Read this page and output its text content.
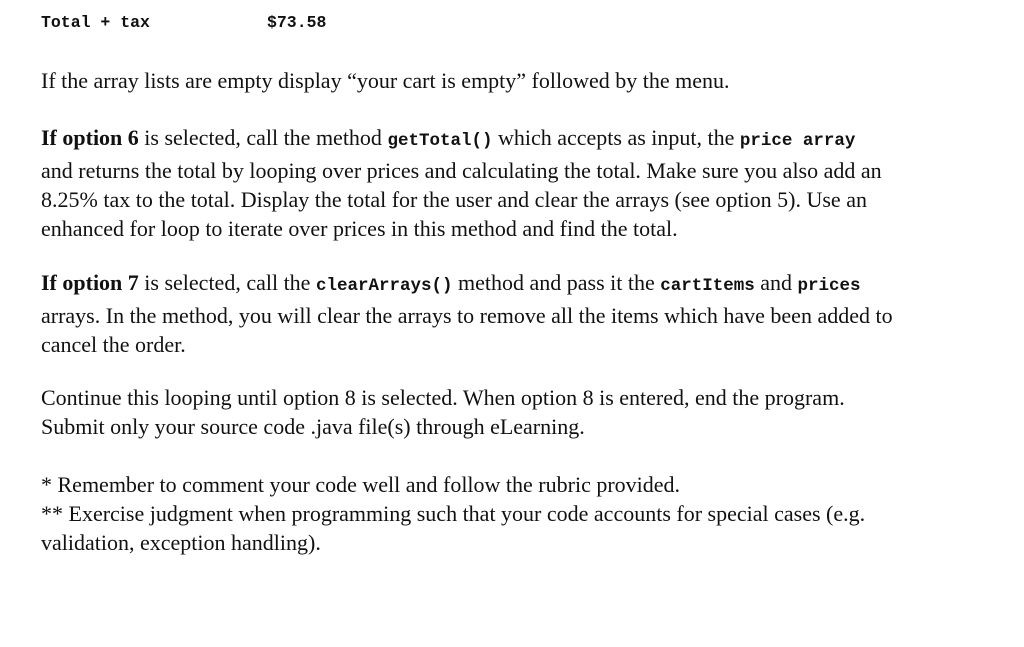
Total + tax	$73.58

If the array lists are empty display “your cart is empty” followed by the menu.

If option 6 is selected, call the method getTotal() which accepts as input, the price array
and returns the total by looping over prices and calculating the total. Make sure you also add an
8.25% tax to the total. Display the total for the user and clear the arrays (see option 5). Use an
enhanced for loop to iterate over prices in this method and find the total.

If option 7 is selected, call the clearArrays() method and pass it the cartItems and prices
arrays. In the method, you will clear the arrays to remove all the items which have been added to
cancel the order.

Continue this looping until option 8 is selected. When option 8 is entered, end the program.
Submit only your source code .java file(s) through eLearning.

* Remember to comment your code well and follow the rubric provided.
** Exercise judgment when programming such that your code accounts for special cases (e.g.
validation, exception handling).
